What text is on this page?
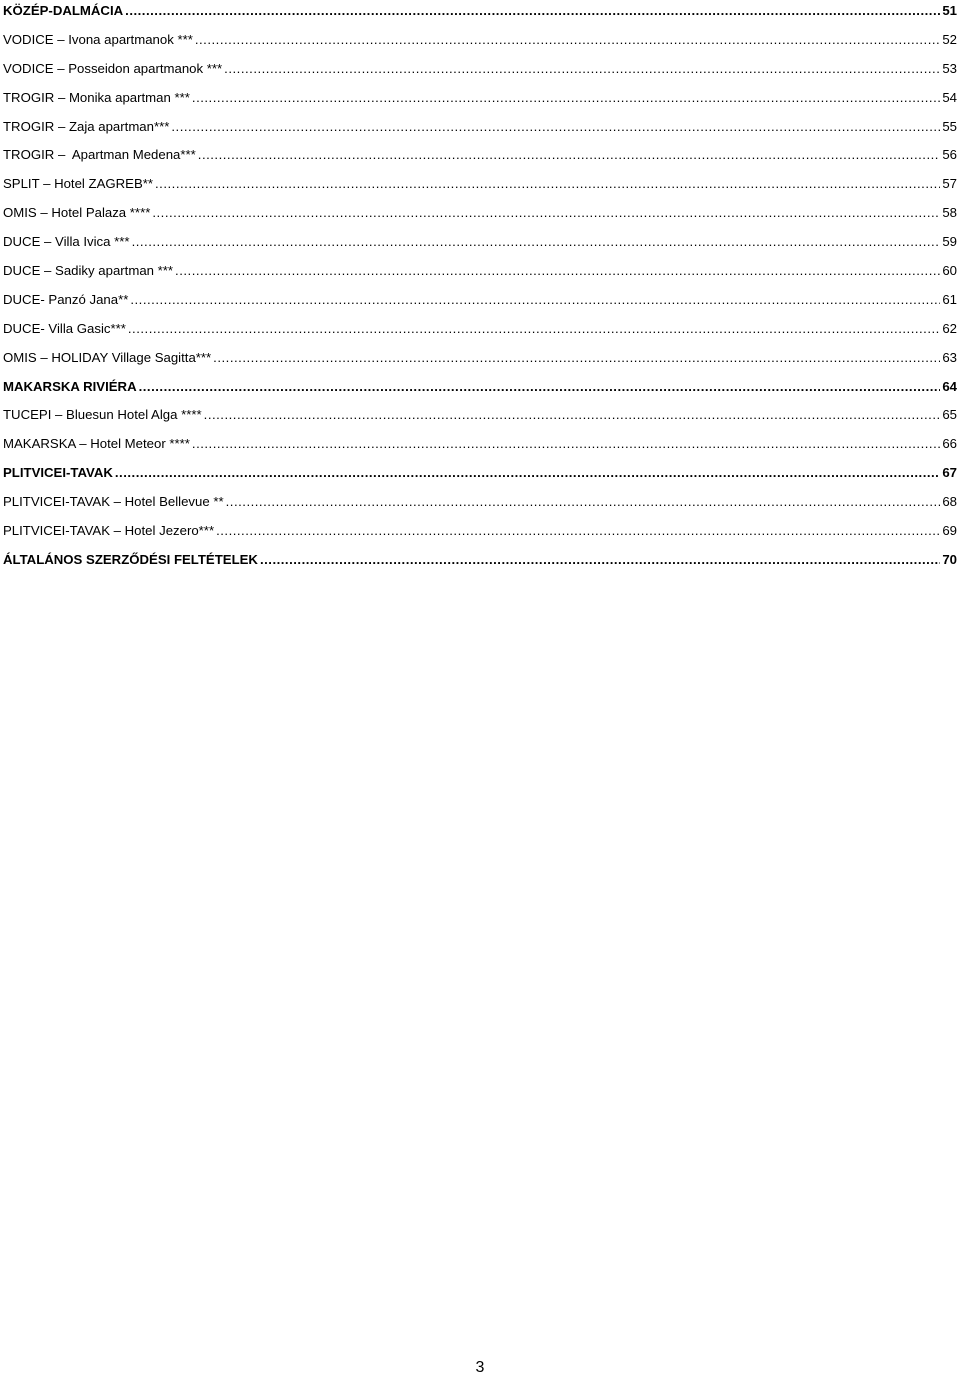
KÖZÉP-DALMÁCIA .....	51
VODICE – Ivona apartmanok *** .....	52
VODICE – Posseidon apartmanok *** .....	53
TROGIR – Monika apartman *** .....	54
TROGIR – Zaja apartman*** .....	55
TROGIR –  Apartman Medena*** .....	56
SPLIT – Hotel ZAGREB** .....	57
OMIS – Hotel Palaza **** .....	58
DUCE – Villa Ivica *** .....	59
DUCE – Sadiky apartman *** .....	60
DUCE- Panzó Jana** .....	61
DUCE- Villa Gasic*** .....	62
OMIS – HOLIDAY Village Sagitta*** .....	63
MAKARSKA RIVIÉRA .....	64
TUCEPI – Bluesun Hotel Alga **** .....	65
MAKARSKA – Hotel Meteor **** .....	66
PLITVICEI-TAVAK .....	67
PLITVICEI-TAVAK – Hotel Bellevue ** .....	68
PLITVICEI-TAVAK – Hotel Jezero*** .....	69
ÁLTALÁNOS SZERZŐDÉSI FELTÉTELEK .....	70
3
